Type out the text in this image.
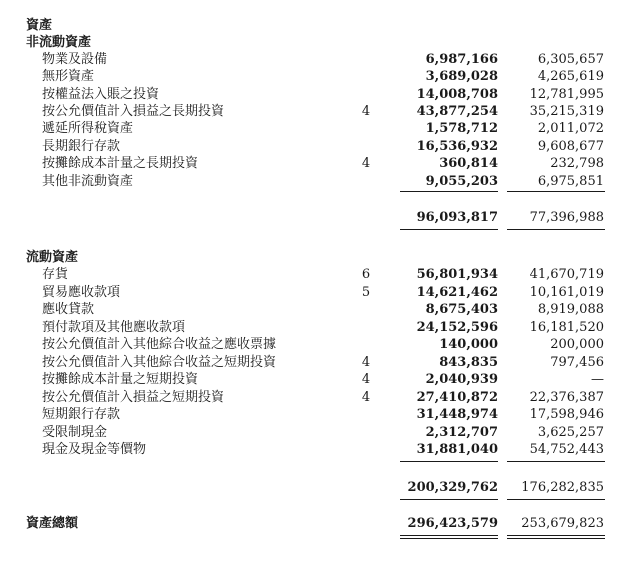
資產
非流動資產
物業及設備	6,987,166	6,305,657
無形資產	3,689,028	4,265,619
按權益法入賬之投資	14,008,708	12,781,995
按公允價值計入損益之長期投資	4	43,877,254	35,215,319
遞延所得稅資產	1,578,712	2,011,072
長期銀行存款	16,536,932	9,608,677
按攤餘成本計量之長期投資	4	360,814	232,798
其他非流動資產	9,055,203	6,975,851
96,093,817	77,396,988
流動資產
存貨	6	56,801,934	41,670,719
貿易應收款項	5	14,621,462	10,161,019
應收貸款	8,675,403	8,919,088
預付款項及其他應收款項	24,152,596	16,181,520
按公允價值計入其他綜合收益之應收票據	140,000	200,000
按公允價值計入其他綜合收益之短期投資	4	843,835	797,456
按攤餘成本計量之短期投資	4	2,040,939	—
按公允價值計入損益之短期投資	4	27,410,872	22,376,387
短期銀行存款	31,448,974	17,598,946
受限制現金	2,312,707	3,625,257
現金及現金等價物	31,881,040	54,752,443
200,329,762	176,282,835
資產總額	296,423,579	253,679,823
